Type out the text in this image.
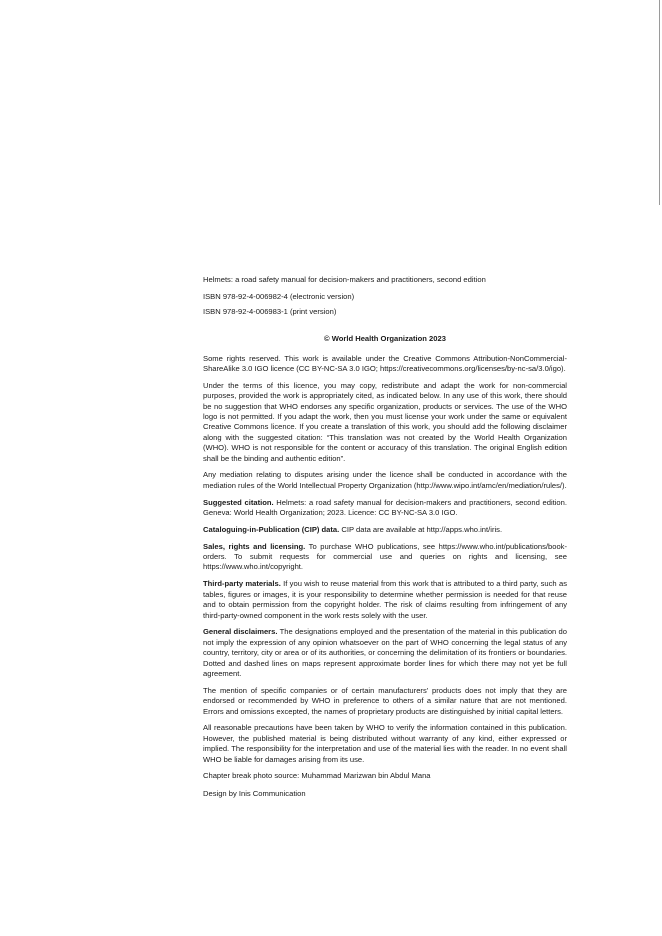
Helmets: a road safety manual for decision-makers and practitioners, second edition

ISBN 978-92-4-006982-4 (electronic version)

ISBN 978-92-4-006983-1 (print version)

© World Health Organization 2023

Some rights reserved. This work is available under the Creative Commons Attribution-NonCommercial-ShareAlike 3.0 IGO licence (CC BY-NC-SA 3.0 IGO; https://creativecommons.org/licenses/by-nc-sa/3.0/igo).

Under the terms of this licence, you may copy, redistribute and adapt the work for non-commercial purposes, provided the work is appropriately cited, as indicated below. In any use of this work, there should be no suggestion that WHO endorses any specific organization, products or services. The use of the WHO logo is not permitted. If you adapt the work, then you must license your work under the same or equivalent Creative Commons licence. If you create a translation of this work, you should add the following disclaimer along with the suggested citation: “This translation was not created by the World Health Organization (WHO). WHO is not responsible for the content or accuracy of this translation. The original English edition shall be the binding and authentic edition”.

Any mediation relating to disputes arising under the licence shall be conducted in accordance with the mediation rules of the World Intellectual Property Organization (http://www.wipo.int/amc/en/mediation/rules/).

Suggested citation. Helmets: a road safety manual for decision-makers and practitioners, second edition. Geneva: World Health Organization; 2023. Licence: CC BY-NC-SA 3.0 IGO.

Cataloguing-in-Publication (CIP) data. CIP data are available at http://apps.who.int/iris.

Sales, rights and licensing. To purchase WHO publications, see https://www.who.int/publications/book-orders. To submit requests for commercial use and queries on rights and licensing, see https://www.who.int/copyright.

Third-party materials. If you wish to reuse material from this work that is attributed to a third party, such as tables, figures or images, it is your responsibility to determine whether permission is needed for that reuse and to obtain permission from the copyright holder. The risk of claims resulting from infringement of any third-party-owned component in the work rests solely with the user.

General disclaimers. The designations employed and the presentation of the material in this publication do not imply the expression of any opinion whatsoever on the part of WHO concerning the legal status of any country, territory, city or area or of its authorities, or concerning the delimitation of its frontiers or boundaries. Dotted and dashed lines on maps represent approximate border lines for which there may not yet be full agreement.

The mention of specific companies or of certain manufacturers’ products does not imply that they are endorsed or recommended by WHO in preference to others of a similar nature that are not mentioned. Errors and omissions excepted, the names of proprietary products are distinguished by initial capital letters.

All reasonable precautions have been taken by WHO to verify the information contained in this publication. However, the published material is being distributed without warranty of any kind, either expressed or implied. The responsibility for the interpretation and use of the material lies with the reader. In no event shall WHO be liable for damages arising from its use.

Chapter break photo source: Muhammad Marizwan bin Abdul Mana

Design by Inis Communication
